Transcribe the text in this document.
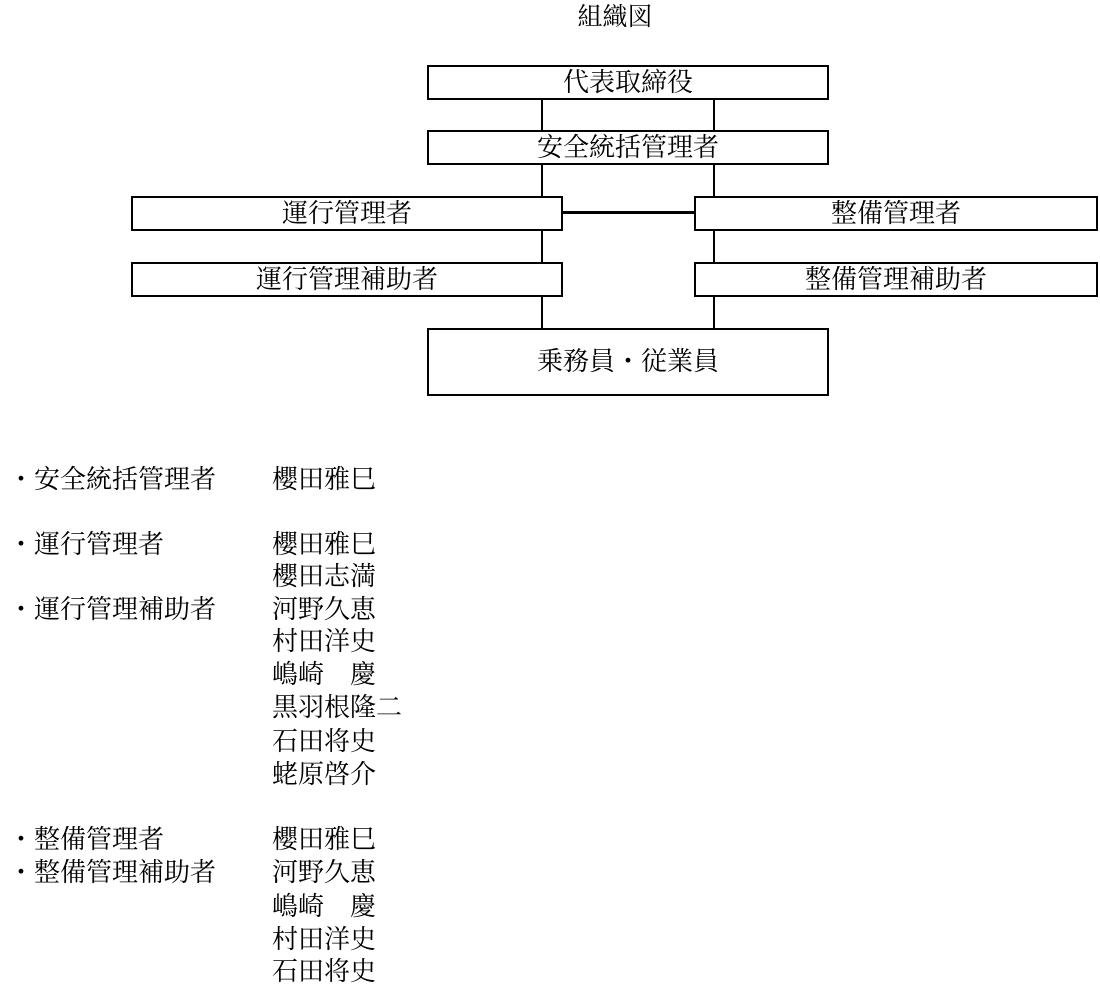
組織図
代表取締役
安全統括管理者
運行管理者	整備管理者
運行管理補助者	整備管理補助者
乗務員・従業員
・安全統括管理者 櫻田雅巳
・運行管理者	櫻田雅巳
櫻田志満
・運行管理補助者 河野久恵
村田洋史
嶋崎　慶
黒羽根隆二
石田将史
蛯原啓介
・整備管理者	櫻田雅巳
・整備管理補助者 河野久恵
嶋崎　慶
村田洋史
石田将史
